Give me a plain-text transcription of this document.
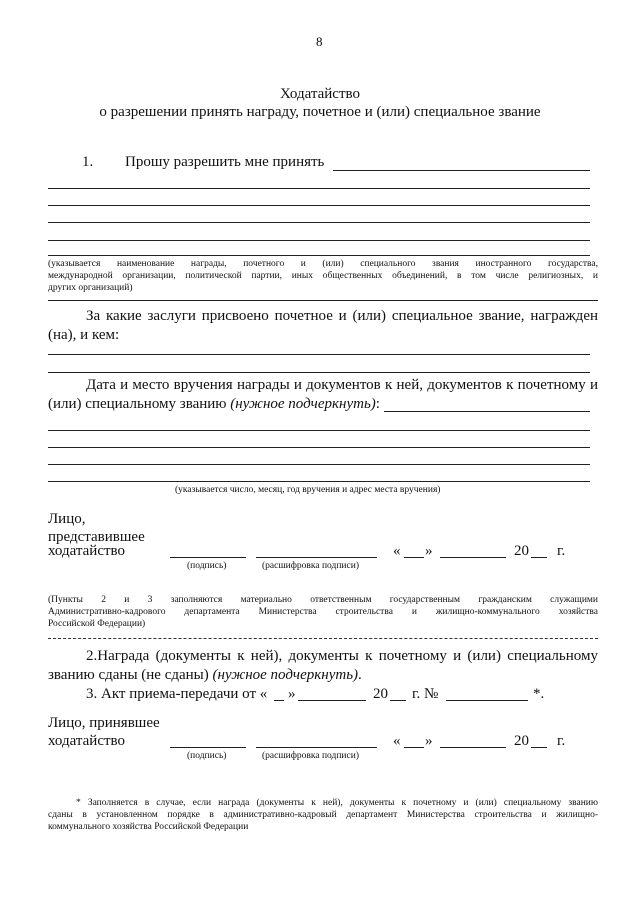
8
Ходатайство
о разрешении принять награду, почетное и (или) специальное звание
1. Прошу разрешить мне принять
(указывается наименование награды, почетного и (или) специального звания иностранного государства,
международной организации, политической партии, иных общественных объединений, в том числе религиозных, и
других организаций)
За какие заслуги присвоено почетное и (или) специальное звание, награжден
(на), и кем:
Дата и место вручения награды и документов к ней, документов к почетному и
(или) специальному званию (нужное подчеркнуть):
(указывается число, месяц, год вручения и адрес места вручения)
Лицо,
представившее
ходатайство
(подпись)	(расшифровка подписи)
« »	20 г.
(Пункты 2 и 3 заполняются материально ответственным государственным гражданским служащими
Административно-кадрового департамента Министерства строительства и жилищно-коммунального хозяйства
Российской Федерации)
2.Награда (документы к ней), документы к почетному и (или) специальному
званию сданы (не сданы) (нужное подчеркнуть).
3. Акт приема-передачи от « »	20 г. №	*.
Лицо, принявшее
ходатайство
(подпись)	(расшифровка подписи)
« »	20 г.
* Заполняется в случае, если награда (документы к ней), документы к почетному и (или) специальному званию
сданы в установленном порядке в административно-кадровый департамент Министерства строительства и жилищно-
коммунального хозяйства Российской Федерации
